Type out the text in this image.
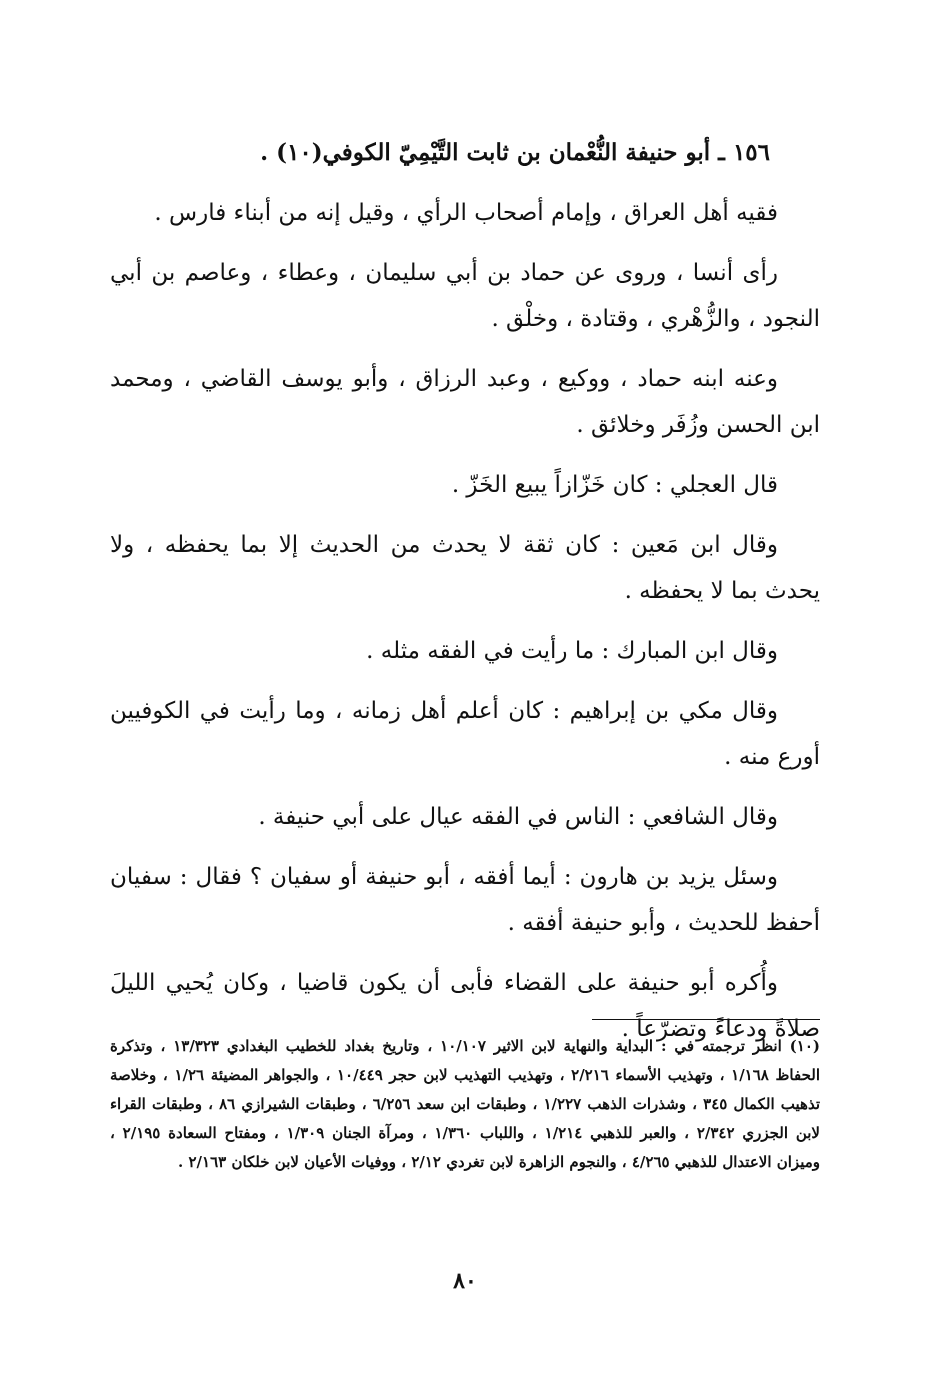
١٥٦ ـ أبو حنيفة النُّعْمان بن ثابت التَّيْمِيّ الكوفي(١٠) .

فقيه أهل العراق ، وإمام أصحاب الرأي ، وقيل إنه من أبناء فارس .

رأى أنسا ، وروى عن حماد بن أبي سليمان ، وعطاء ، وعاصم بن أبي النجود ، والزُّهْري ، وقتادة ، وخلْق .

وعنه ابنه حماد ، ووكيع ، وعبد الرزاق ، وأبو يوسف القاضي ، ومحمد ابن الحسن وزُفَر وخلائق .

قال العجلي : كان خَزّازاً يبيع الخَزّ .

وقال ابن مَعين : كان ثقة لا يحدث من الحديث إلا بما يحفظه ، ولا يحدث بما لا يحفظه .

وقال ابن المبارك : ما رأيت في الفقه مثله .

وقال مكي بن إبراهيم : كان أعلم أهل زمانه ، وما رأيت في الكوفيين أورع منه .

وقال الشافعي : الناس في الفقه عيال على أبي حنيفة .

وسئل يزيد بن هارون : أيما أفقه ، أبو حنيفة أو سفيان ؟ فقال : سفيان أحفظ للحديث ، وأبو حنيفة أفقه .

وأُكره أبو حنيفة على القضاء فأبى أن يكون قاضيا ، وكان يُحيي الليلَ صلاةً ودعاءً وتضرّعاً .

(١٠) انظر ترجمته في : البداية والنهاية لابن الاثير ١٠/١٠٧ ، وتاريخ بغداد للخطيب البغدادي ١٣/٣٢٣ ، وتذكرة الحفاظ ١/١٦٨ ، وتهذيب الأسماء ٢/٢١٦ ، وتهذيب التهذيب لابن حجر ١٠/٤٤٩ ، والجواهر المضيئة ١/٢٦ ، وخلاصة تذهيب الكمال ٣٤٥ ، وشذرات الذهب ١/٢٢٧ ، وطبقات ابن سعد ٦/٢٥٦ ، وطبقات الشيرازي ٨٦ ، وطبقات القراء لابن الجزري ٢/٣٤٢ ، والعبر للذهبي ١/٢١٤ ، واللباب ١/٣٦٠ ، ومرآة الجنان ١/٣٠٩ ، ومفتاح السعادة ٢/١٩٥ ، وميزان الاعتدال للذهبي ٤/٢٦٥ ، والنجوم الزاهرة لابن تغردي ٢/١٢ ، ووفيات الأعيان لابن خلكان ٢/١٦٣ .

٨٠
